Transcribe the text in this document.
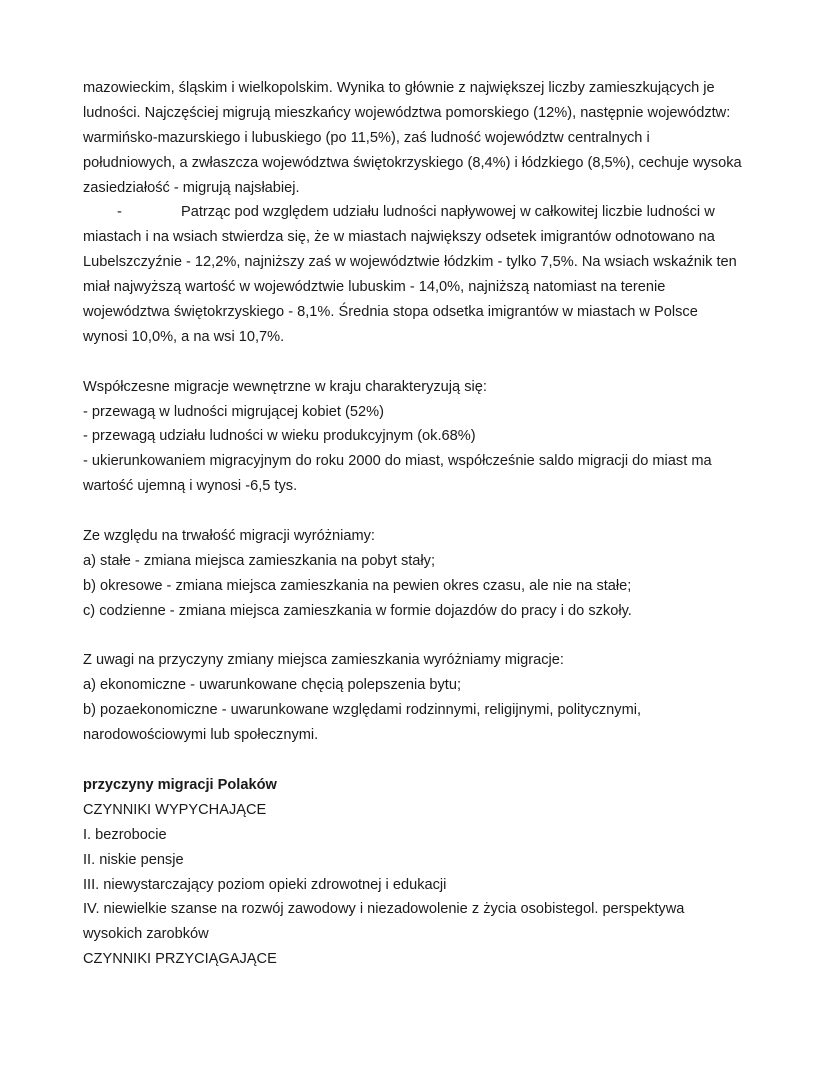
mazowieckim, śląskim i wielkopolskim. Wynika to głównie z największej liczby zamieszkujących je
ludności. Najczęściej migrują mieszkańcy województwa pomorskiego (12%), następnie województw:
warmińsko-mazurskiego i lubuskiego (po 11,5%), zaś ludność województw centralnych i
południowych, a zwłaszcza województwa świętokrzyskiego (8,4%) i łódzkiego (8,5%), cechuje wysoka
zasiedziałość - migrują najsłabiej.
-	Patrząc pod względem udziału ludności napływowej w całkowitej liczbie ludności w
miastach i na wsiach stwierdza się, że w miastach największy odsetek imigrantów odnotowano na
Lubelszczyźnie - 12,2%, najniższy zaś w województwie łódzkim - tylko 7,5%. Na wsiach wskaźnik ten
miał najwyższą wartość w województwie lubuskim - 14,0%, najniższą natomiast na terenie
województwa świętokrzyskiego - 8,1%. Średnia stopa odsetka imigrantów w miastach w Polsce
wynosi 10,0%, a na wsi 10,7%.
Współczesne migracje wewnętrzne w kraju charakteryzują się:
- przewagą w ludności migrującej kobiet (52%)
- przewagą udziału ludności w wieku produkcyjnym (ok.68%)
- ukierunkowaniem migracyjnym do roku 2000 do miast, współcześnie saldo migracji do miast ma
wartość ujemną i wynosi -6,5 tys.
Ze względu na trwałość migracji wyróżniamy:
a) stałe - zmiana miejsca zamieszkania na pobyt stały;
b) okresowe - zmiana miejsca zamieszkania na pewien okres czasu, ale nie na stałe;
c) codzienne - zmiana miejsca zamieszkania w formie dojazdów do pracy i do szkoły.
Z uwagi na przyczyny zmiany miejsca zamieszkania wyróżniamy migracje:
a) ekonomiczne - uwarunkowane chęcią polepszenia bytu;
b) pozaekonomiczne - uwarunkowane względami rodzinnymi, religijnymi, politycznymi,
narodowościowymi lub społecznymi.
przyczyny migracji Polaków
CZYNNIKI WYPYCHAJĄCE
I. bezrobocie
II. niskie pensje
III. niewystarczający poziom opieki zdrowotnej i edukacji
IV. niewielkie szanse na rozwój zawodowy i niezadowolenie z życia osobistegol. perspektywa
wysokich zarobków
CZYNNIKI PRZYCIĄGAJĄCE
